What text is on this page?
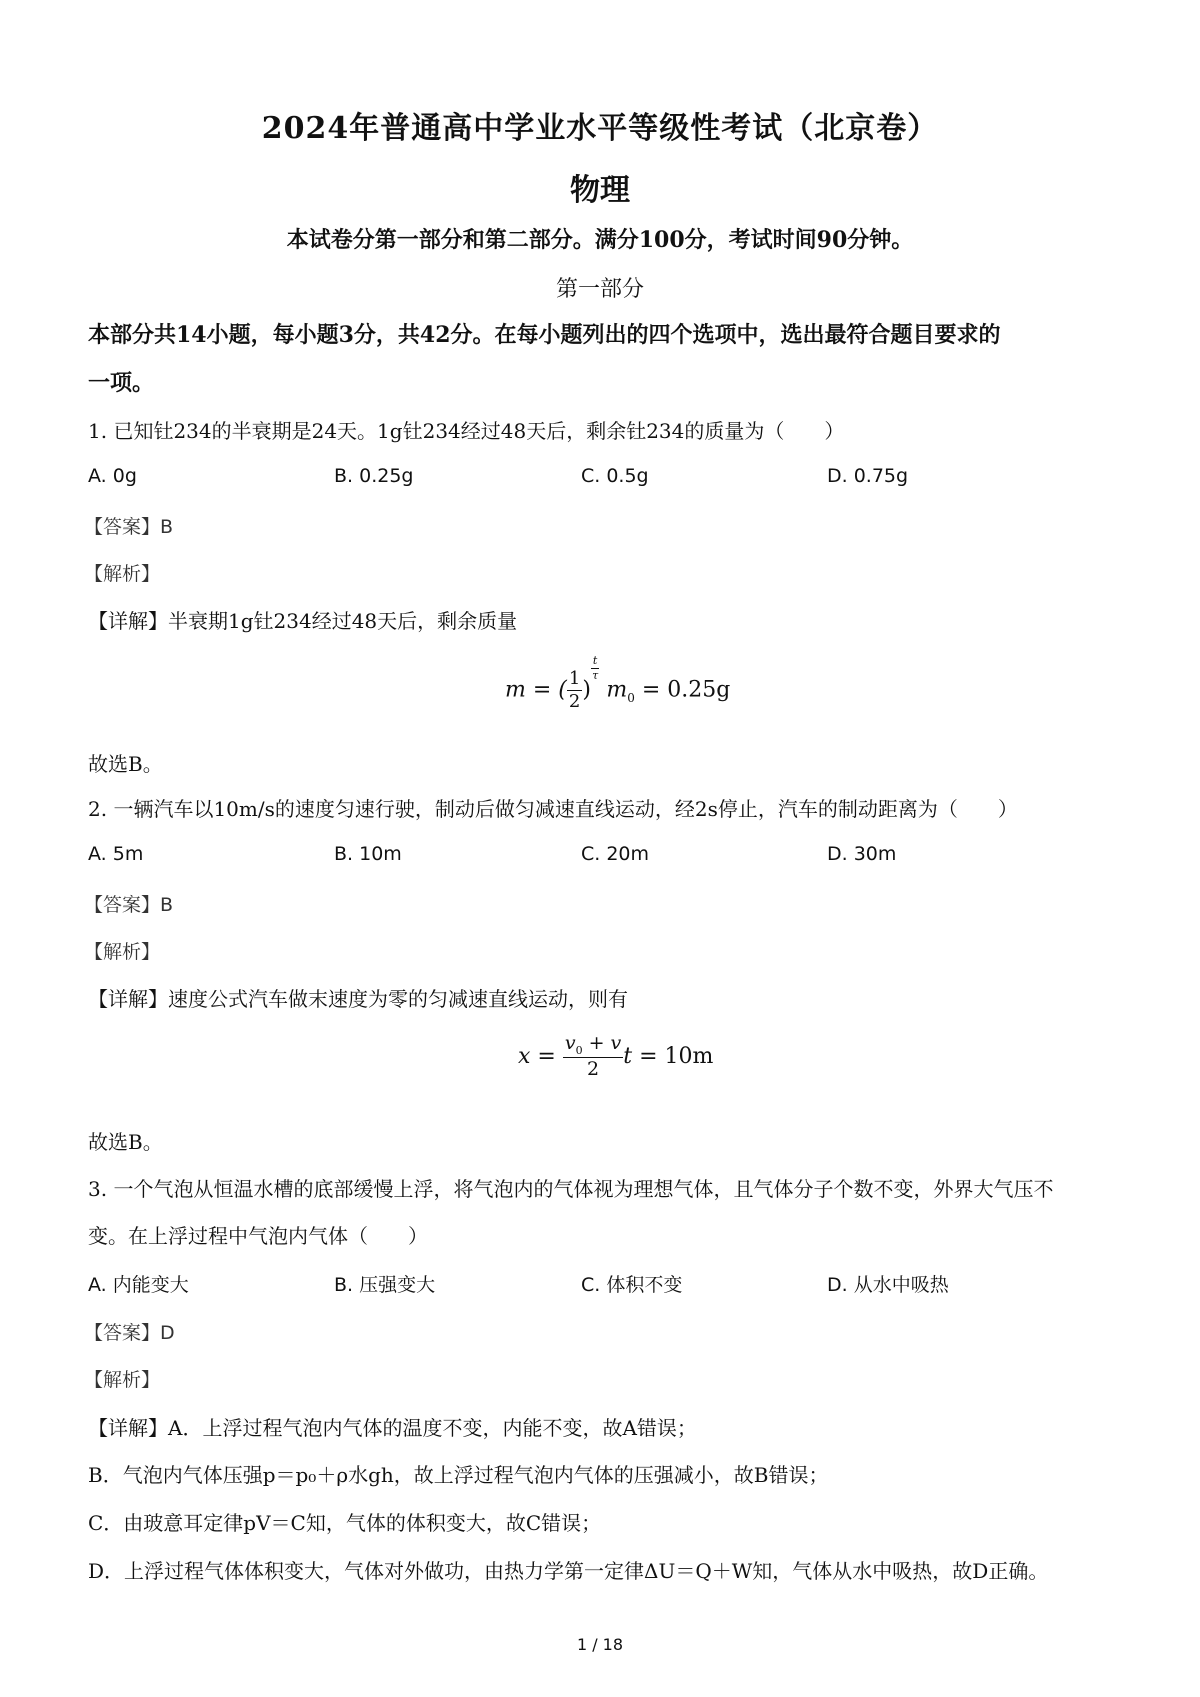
2024年普通高中学业水平等级性考试（北京卷）
物理
本试卷分第一部分和第二部分。满分100分，考试时间90分钟。
第一部分
本部分共14小题，每小题3分，共42分。在每小题列出的四个选项中，选出最符合题目要求的
一项。
1. 已知钍234的半衰期是24天。1g钍234经过48天后，剩余钍234的质量为（　　）
A. 0g	B. 0.25g	C. 0.5g	D. 0.75g
【答案】B
【解析】
【详解】半衰期1g钍234经过48天后，剩余质量
m = ( $\frac{1}{2}$ )
$\frac{t}{\tau}$
$m_0 = 0.25g$
故选B。
2. 一辆汽车以10m/s的速度匀速行驶，制动后做匀减速直线运动，经2s停止，汽车的制动距离为（　　）
A. 5m	B. 10m	C. 20m	D. 30m
【答案】B
【解析】
【详解】速度公式汽车做末速度为零的匀减速直线运动，则有
$x = \frac{v_0 + v}{2}$ t = 10m
故选B。
3. 一个气泡从恒温水槽的底部缓慢上浮，将气泡内的气体视为理想气体，且气体分子个数不变，外界大气压不
变。在上浮过程中气泡内气体（　　）
A. 内能变大	B. 压强变大	C. 体积不变	D. 从水中吸热
【答案】D
【解析】
【详解】A．上浮过程气泡内气体的温度不变，内能不变，故A错误；
B．气泡内气体压强p＝p₀＋ρ水gh，故上浮过程气泡内气体的压强减小，故B错误；
C．由玻意耳定律pV＝C知，气体的体积变大，故C错误；
D．上浮过程气体体积变大，气体对外做功，由热力学第一定律ΔU＝Q＋W知，气体从水中吸热，故D正确。
1 / 18
